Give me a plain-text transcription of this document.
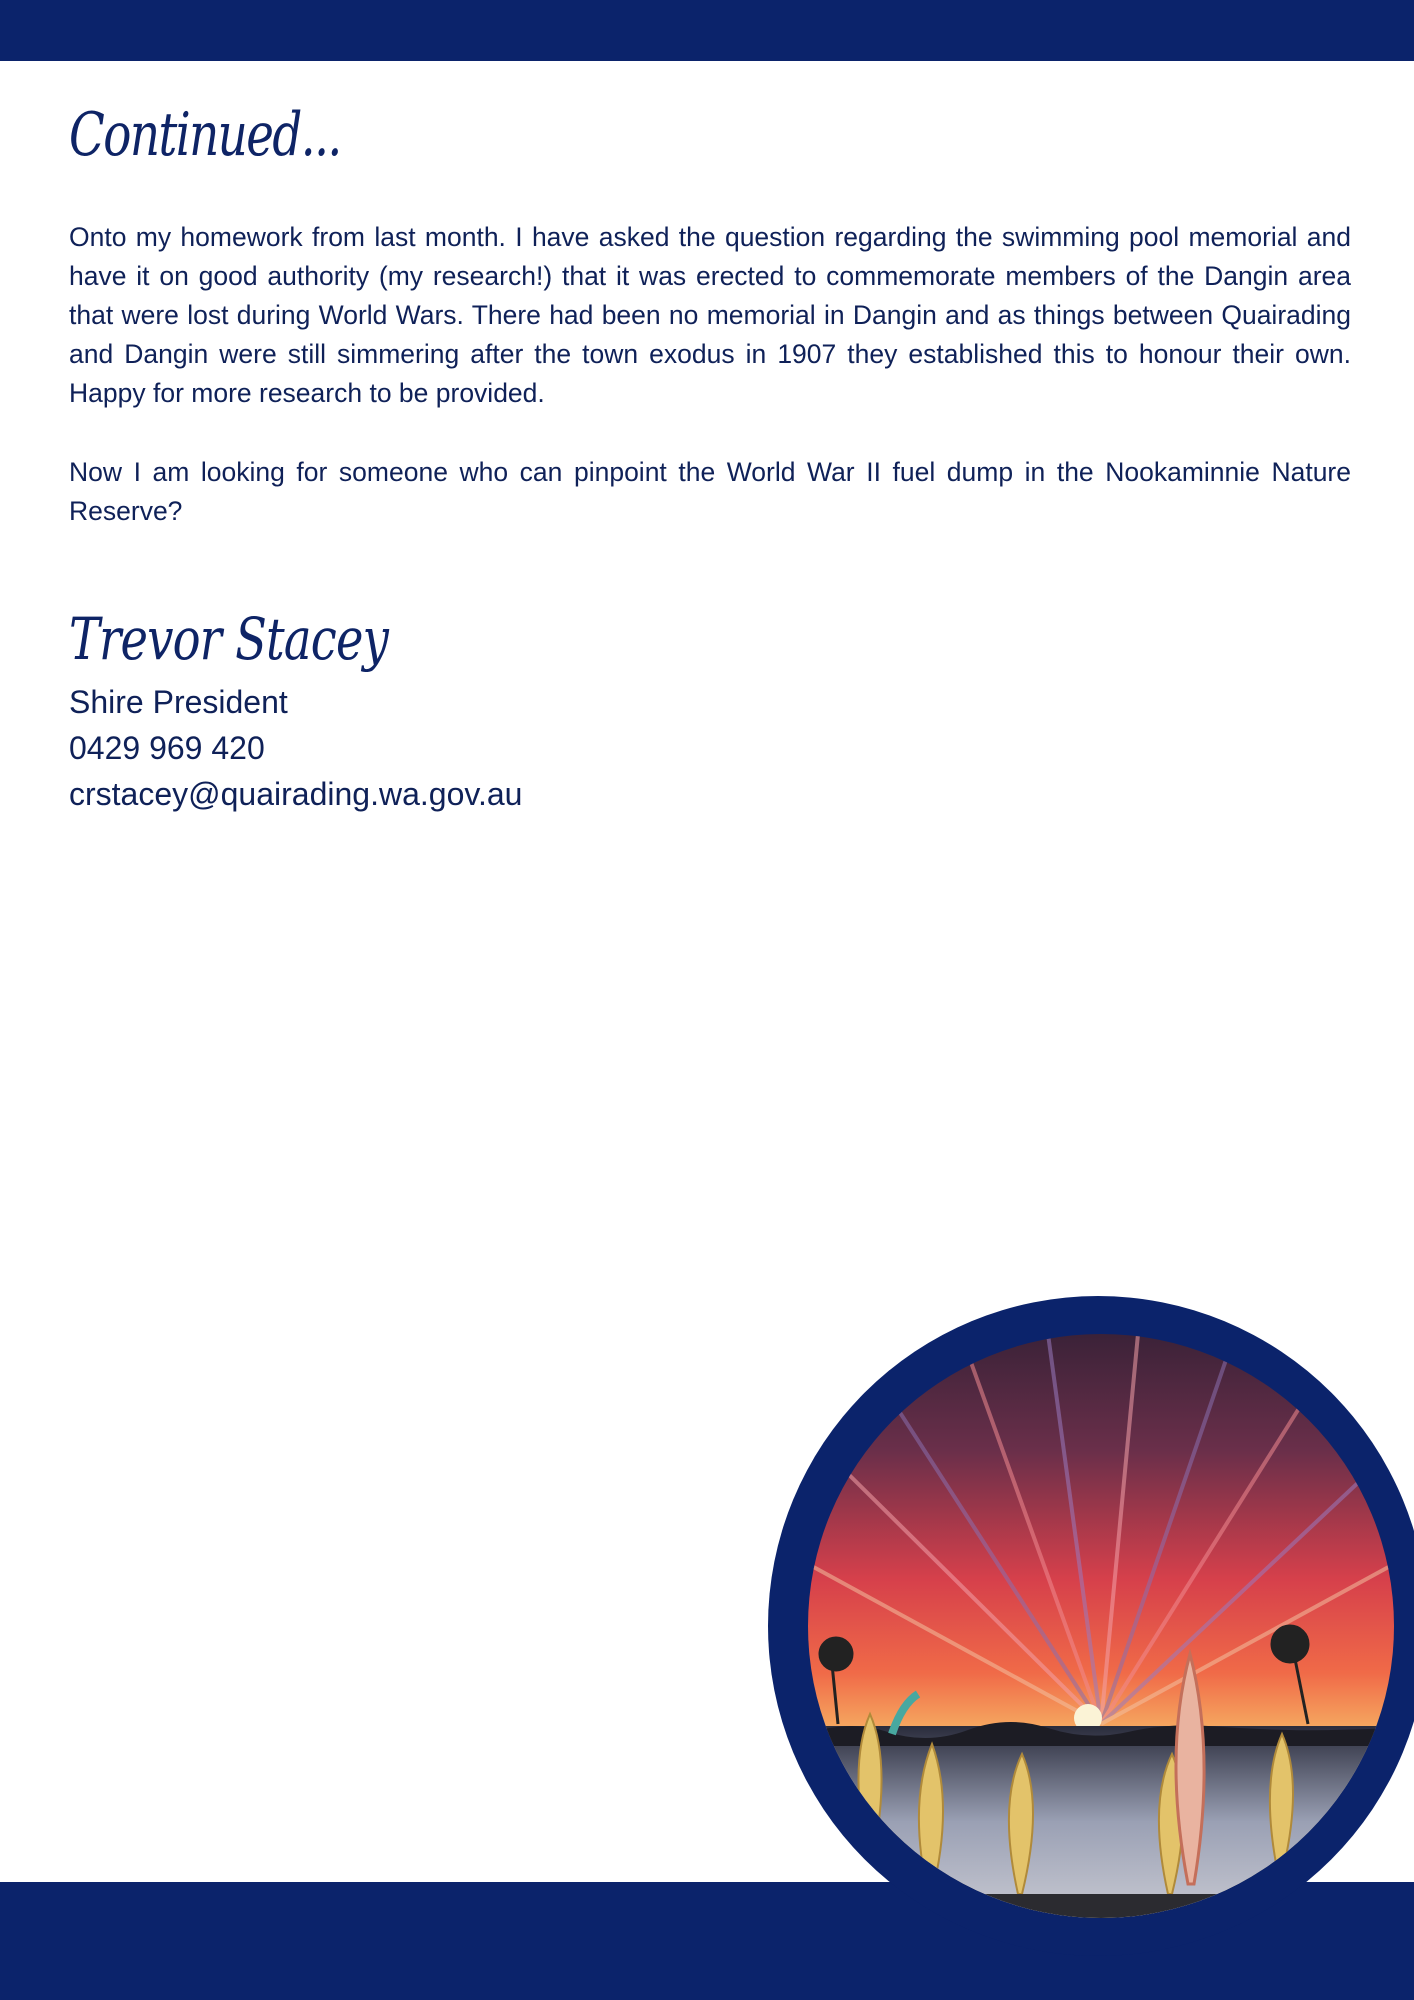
Continued...

Onto my homework from last month. I have asked the question regarding the swimming pool memorial and have it on good authority (my research!) that it was erected to commemorate members of the Dangin area that were lost during World Wars. There had been no memorial in Dangin and as things between Quairading and Dangin were still simmering after the town exodus in 1907 they established this to honour their own. Happy for more research to be provided.

Now I am looking for someone who can pinpoint the World War II fuel dump in the Nookaminnie Nature Reserve?

Trevor Stacey
Shire President
0429 969 420
crstacey@quairading.wa.gov.au
